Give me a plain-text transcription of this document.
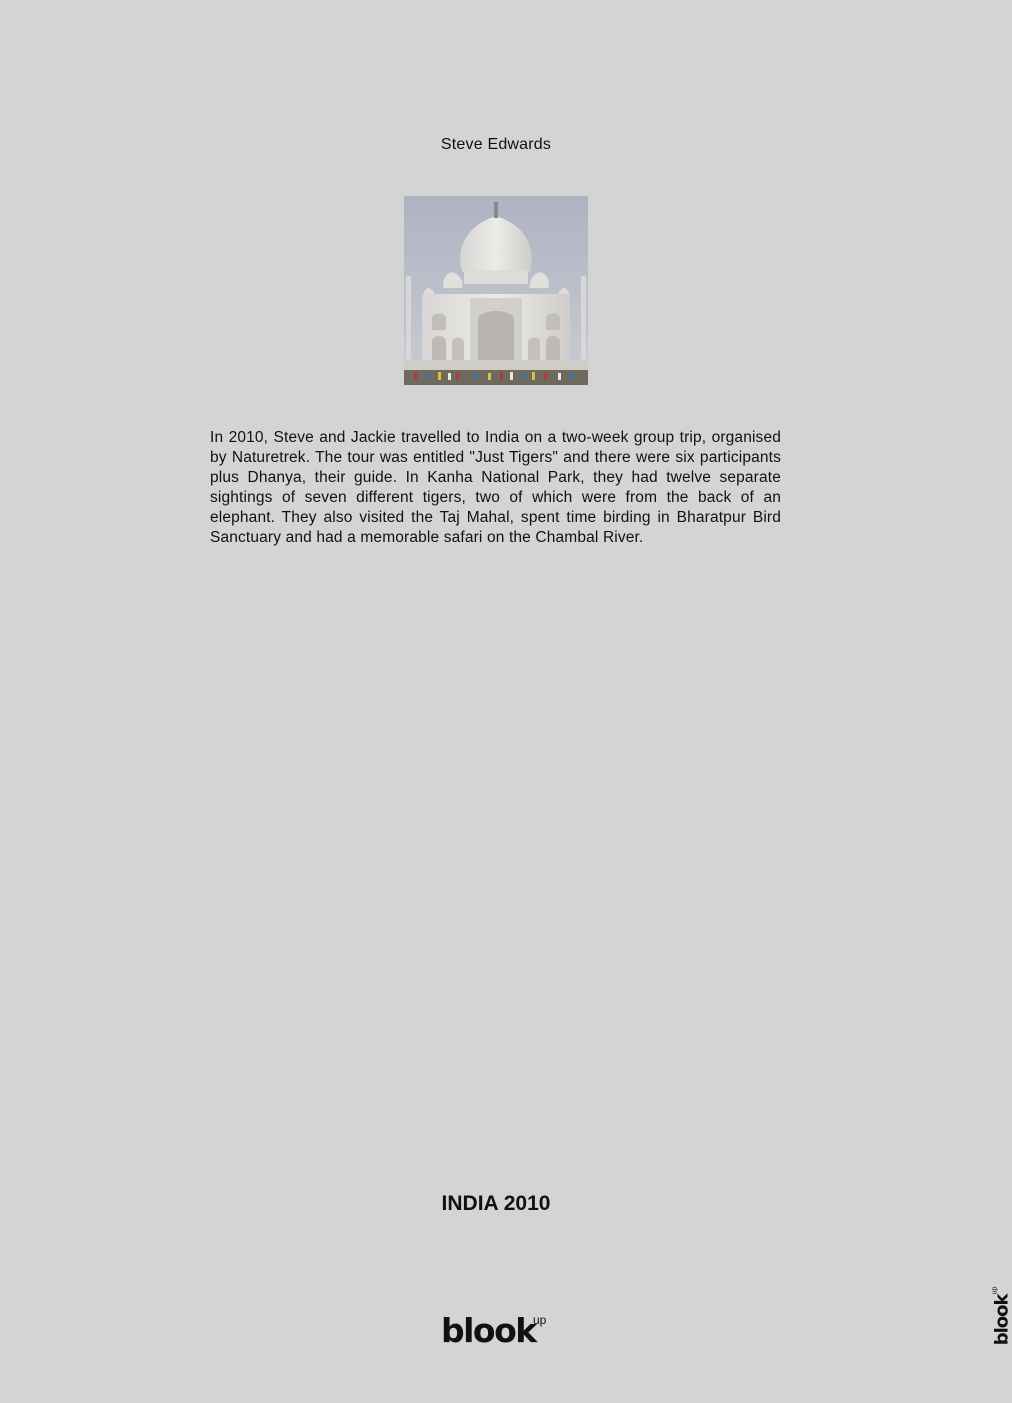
Steve Edwards

In 2010, Steve and Jackie travelled to India on a two-week group trip, organised by Naturetrek. The tour was entitled "Just Tigers" and there were six participants plus Dhanya, their guide. In Kanha National Park, they had twelve separate sightings of seven different tigers, two of which were from the back of an elephant. They also visited the Taj Mahal, spent time birding in Bharatpur Bird Sanctuary and had a memorable safari on the Chambal River.

INDIA 2010
blook
up	blook$^{up}$
